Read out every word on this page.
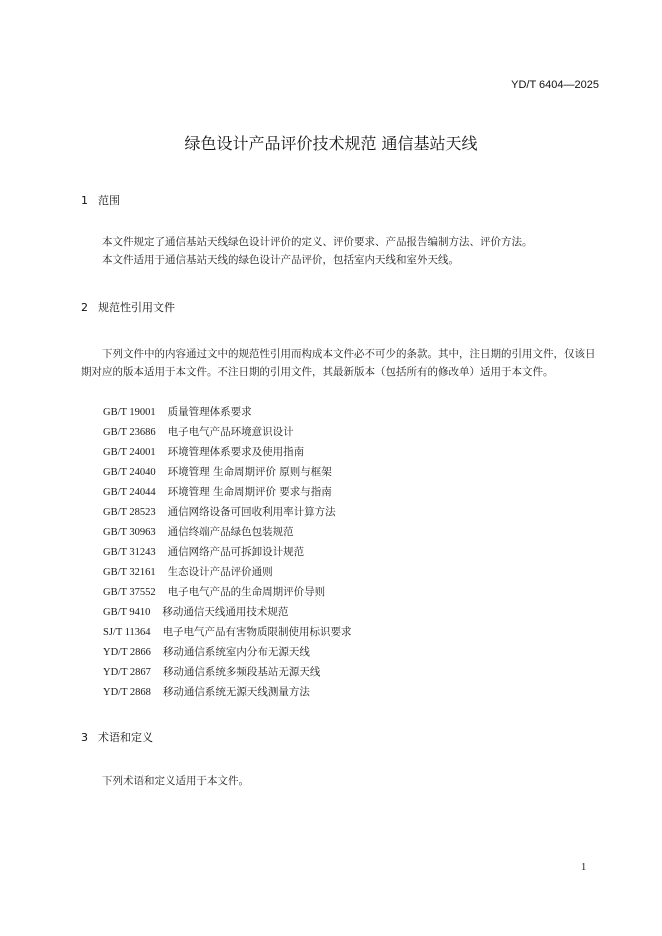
YD/T 6404—2025
绿色设计产品评价技术规范 通信基站天线
1 范围
本文件规定了通信基站天线绿色设计评价的定义、评价要求、产品报告编制方法、评价方法。
本文件适用于通信基站天线的绿色设计产品评价，包括室内天线和室外天线。
2 规范性引用文件
下列文件中的内容通过文中的规范性引用而构成本文件必不可少的条款。其中，注日期的引用文件，仅该日期对应的版本适用于本文件。不注日期的引用文件，其最新版本（包括所有的修改单）适用于本文件。
GB/T 19001 质量管理体系要求
GB/T 23686 电子电气产品环境意识设计
GB/T 24001 环境管理体系要求及使用指南
GB/T 24040 环境管理 生命周期评价 原则与框架
GB/T 24044 环境管理 生命周期评价 要求与指南
GB/T 28523 通信网络设备可回收利用率计算方法
GB/T 30963 通信终端产品绿色包装规范
GB/T 31243 通信网络产品可拆卸设计规范
GB/T 32161 生态设计产品评价通则
GB/T 37552 电子电气产品的生命周期评价导则
GB/T 9410 移动通信天线通用技术规范
SJ/T 11364 电子电气产品有害物质限制使用标识要求
YD/T 2866 移动通信系统室内分布无源天线
YD/T 2867 移动通信系统多频段基站无源天线
YD/T 2868 移动通信系统无源天线测量方法
3 术语和定义
下列术语和定义适用于本文件。
1
